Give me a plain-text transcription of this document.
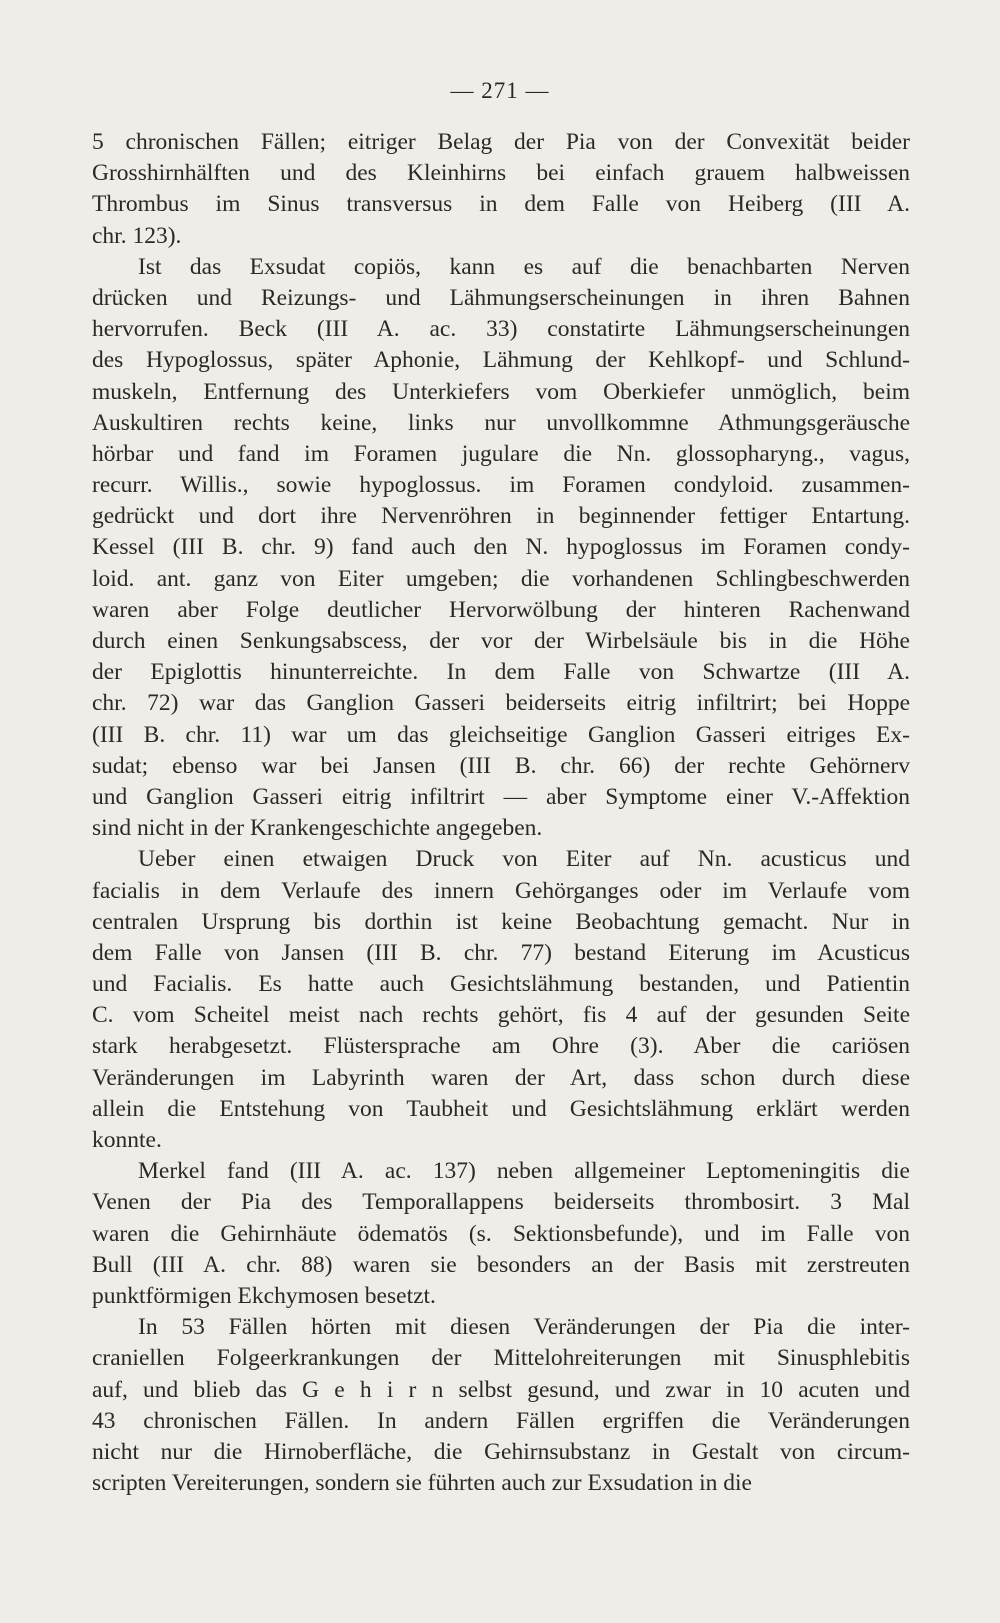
— 271 —
5 chronischen Fällen; eitriger Belag der Pia von der Convexität beider
Grosshirnhälften und des Kleinhirns bei einfach grauem halbweissen
Thrombus im Sinus transversus in dem Falle von Heiberg (III A.
chr. 123).
Ist das Exsudat copiös, kann es auf die benachbarten Nerven
drücken und Reizungs- und Lähmungserscheinungen in ihren Bahnen
hervorrufen. Beck (III A. ac. 33) constatirte Lähmungserscheinungen
des Hypoglossus, später Aphonie, Lähmung der Kehlkopf- und Schlund-
muskeln, Entfernung des Unterkiefers vom Oberkiefer unmöglich, beim
Auskultiren rechts keine, links nur unvollkommne Athmungsgeräusche
hörbar und fand im Foramen jugulare die Nn. glossopharyng., vagus,
recurr. Willis., sowie hypoglossus. im Foramen condyloid. zusammen-
gedrückt und dort ihre Nervenröhren in beginnender fettiger Entartung.
Kessel (III B. chr. 9) fand auch den N. hypoglossus im Foramen condy-
loid. ant. ganz von Eiter umgeben; die vorhandenen Schlingbeschwerden
waren aber Folge deutlicher Hervorwölbung der hinteren Rachenwand
durch einen Senkungsabscess, der vor der Wirbelsäule bis in die Höhe
der Epiglottis hinunterreichte. In dem Falle von Schwartze (III A.
chr. 72) war das Ganglion Gasseri beiderseits eitrig infiltrirt; bei Hoppe
(III B. chr. 11) war um das gleichseitige Ganglion Gasseri eitriges Ex-
sudat; ebenso war bei Jansen (III B. chr. 66) der rechte Gehörnerv
und Ganglion Gasseri eitrig infiltrirt — aber Symptome einer V.-Affektion
sind nicht in der Krankengeschichte angegeben.
Ueber einen etwaigen Druck von Eiter auf Nn. acusticus und
facialis in dem Verlaufe des innern Gehörganges oder im Verlaufe vom
centralen Ursprung bis dorthin ist keine Beobachtung gemacht. Nur in
dem Falle von Jansen (III B. chr. 77) bestand Eiterung im Acusticus
und Facialis. Es hatte auch Gesichtslähmung bestanden, und Patientin
C. vom Scheitel meist nach rechts gehört, fis 4 auf der gesunden Seite
stark herabgesetzt. Flüstersprache am Ohre (3). Aber die cariösen
Veränderungen im Labyrinth waren der Art, dass schon durch diese
allein die Entstehung von Taubheit und Gesichtslähmung erklärt werden
konnte.
Merkel fand (III A. ac. 137) neben allgemeiner Leptomeningitis die
Venen der Pia des Temporallappens beiderseits thrombosirt. 3 Mal
waren die Gehirnhäute ödematös (s. Sektionsbefunde), und im Falle von
Bull (III A. chr. 88) waren sie besonders an der Basis mit zerstreuten
punktförmigen Ekchymosen besetzt.
In 53 Fällen hörten mit diesen Veränderungen der Pia die inter-
craniellen Folgeerkrankungen der Mittelohreiterungen mit Sinusphlebitis
auf, und blieb das G e h i r n selbst gesund, und zwar in 10 acuten und
43 chronischen Fällen. In andern Fällen ergriffen die Veränderungen
nicht nur die Hirnoberfläche, die Gehirnsubstanz in Gestalt von circum-
scripten Vereiterungen, sondern sie führten auch zur Exsudation in die
